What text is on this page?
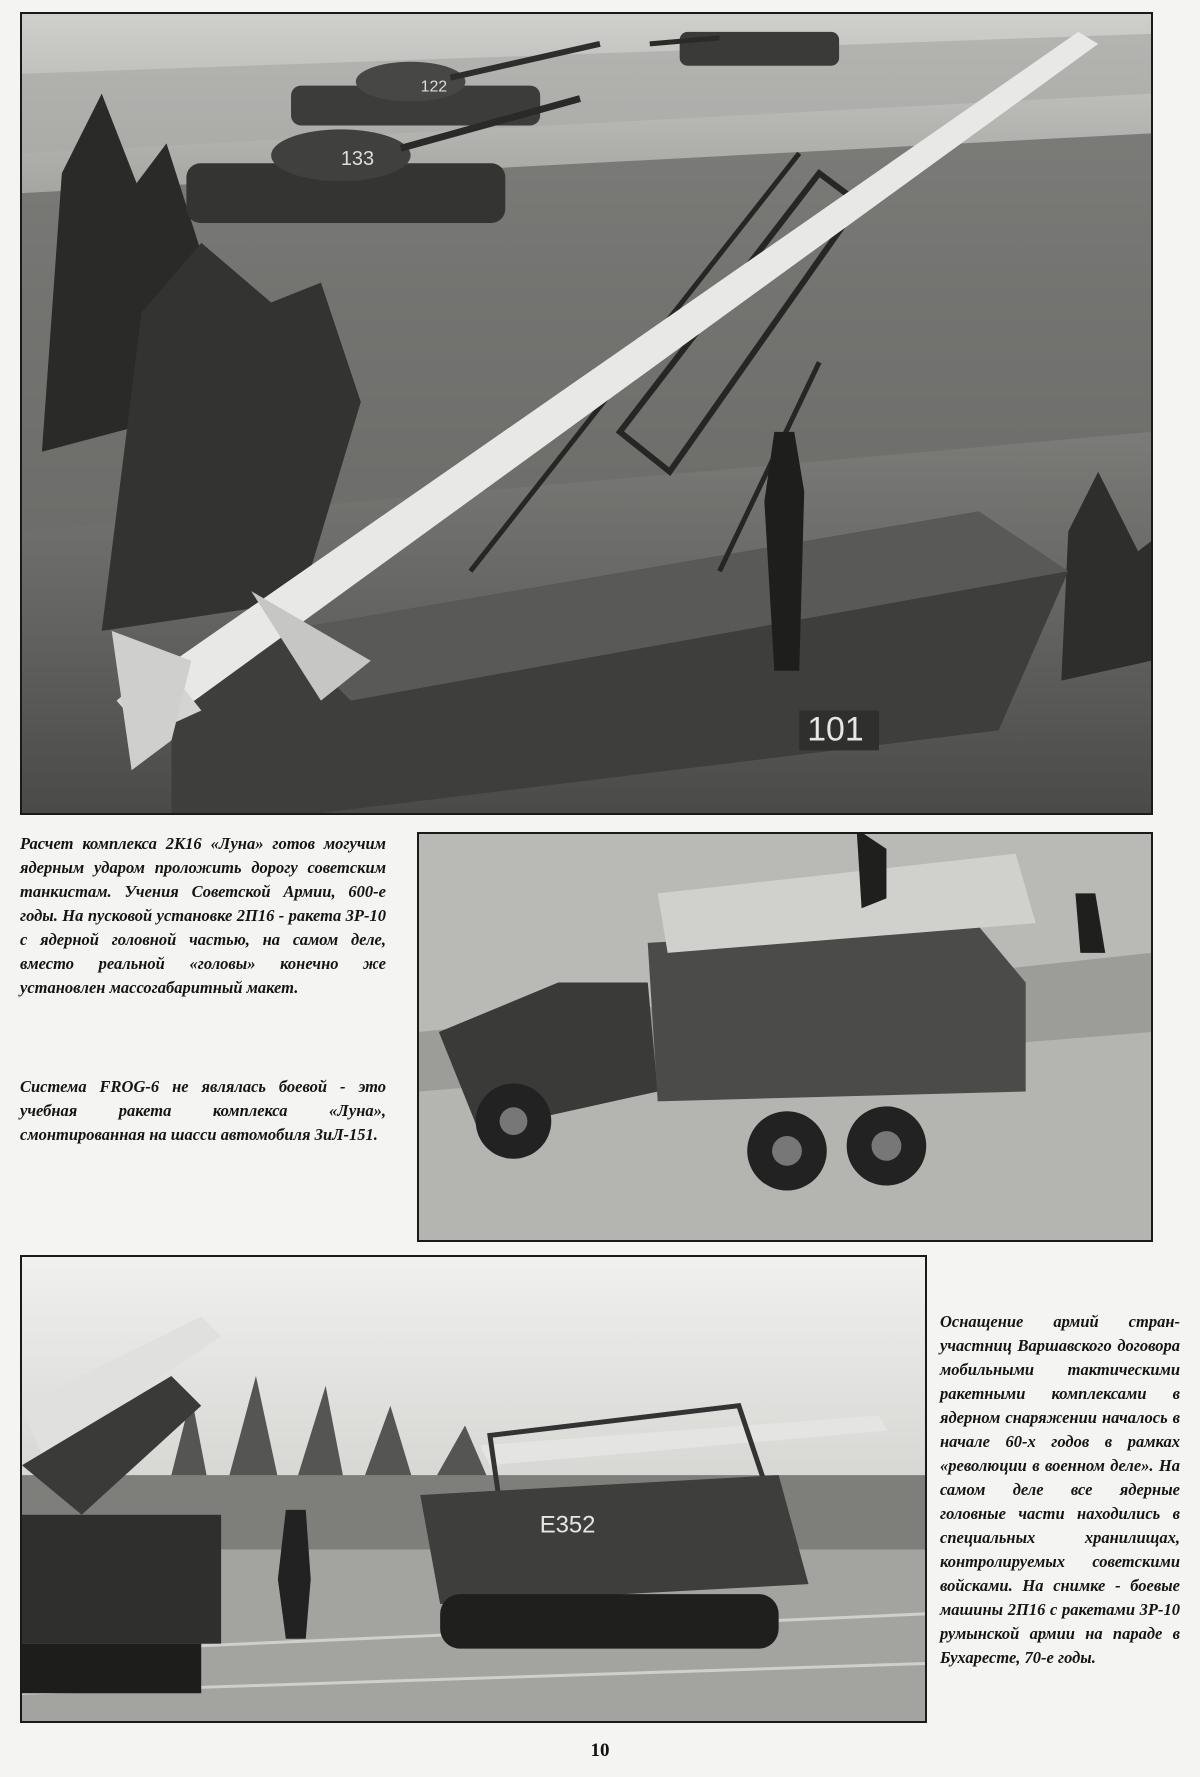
122
133
101

Расчет комплекса 2К16 «Луна» готов могучим ядерным ударом проложить дорогу советским танкистам. Учения Советской Армии, 600-е годы. На пусковой установке 2П16 - ракета 3Р-10 с ядерной головной частью, на самом деле, вместо реальной «головы» конечно же установлен массогабаритный макет.

Система FROG-6 не являлась боевой - это учебная ракета комплекса «Луна», смонтированная на шасси автомобиля ЗиЛ-151.

E352

Оснащение армий стран-участниц Варшавского договора мобильными тактическими ракетными комплексами в ядерном снаряжении началось в начале 60-х годов в рамках «революции в военном деле». На самом деле все ядерные головные части находились в специальных хранилищах, контролируемых советскими войсками. На снимке - боевые машины 2П16 с ракетами 3Р-10 румынской армии на параде в Бухаресте, 70-е годы.

10
